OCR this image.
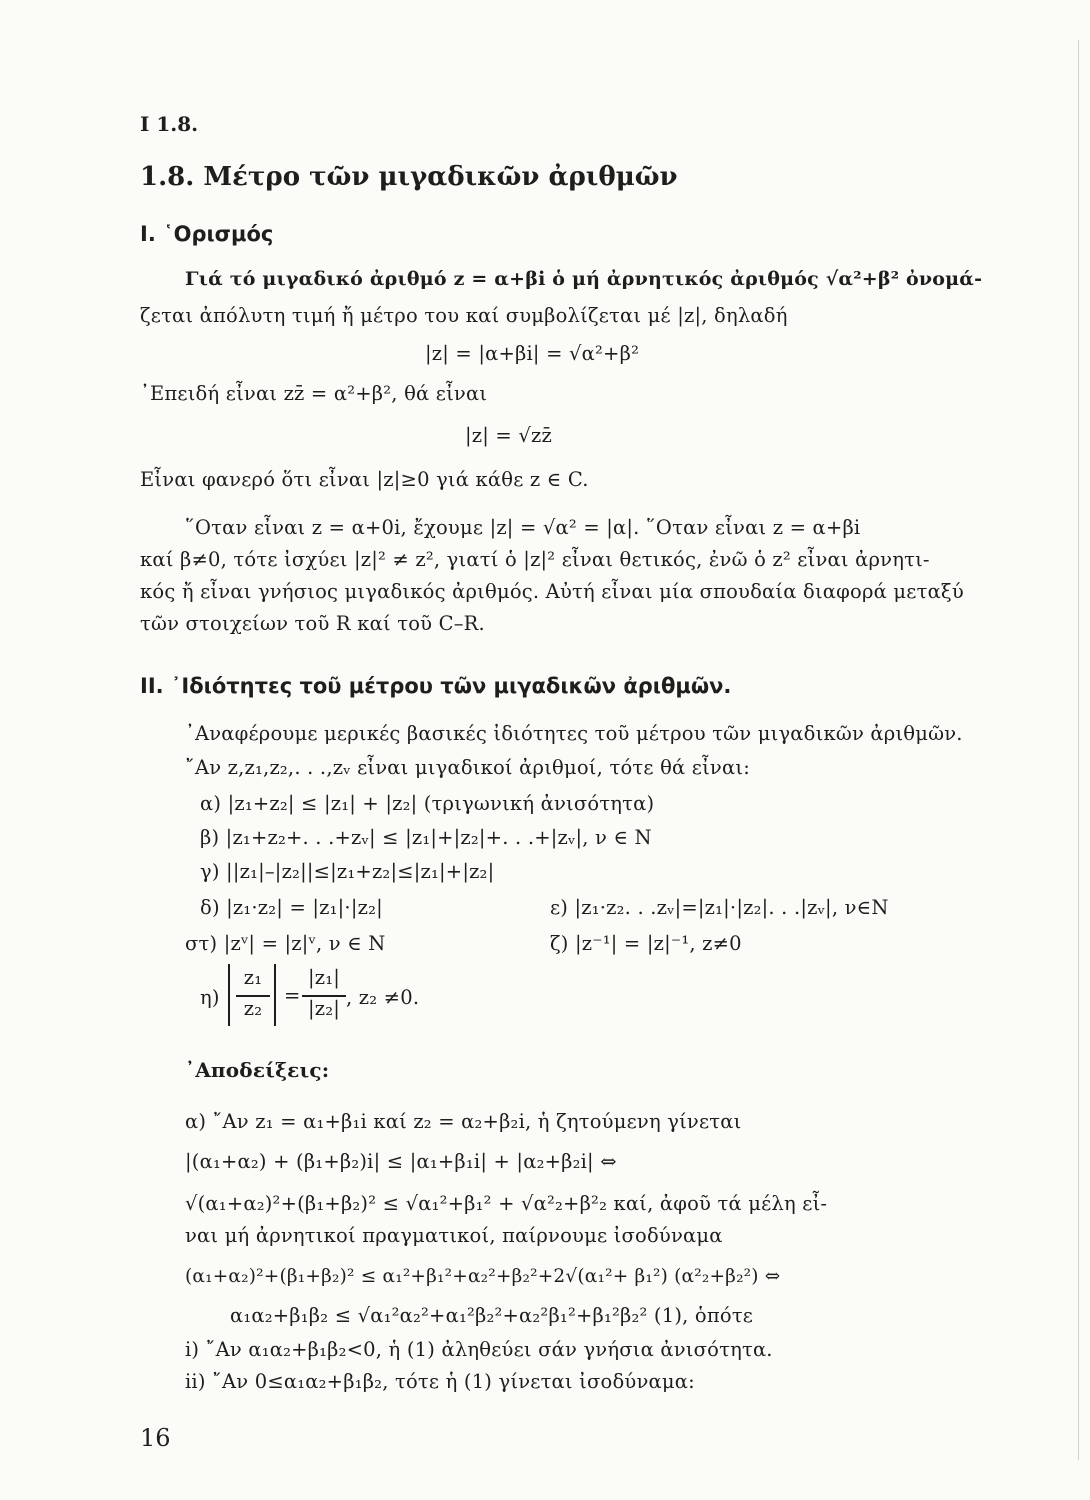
I 1.8.
1.8. Μέτρο τῶν μιγαδικῶν ἀριθμῶν
I. ῾Ορισμός
Γιά τό μιγαδικό ἀριθμό z = α+βi ὁ μή ἀρνητικός ἀριθμός √α²+β² ὀνομά-
ζεται ἀπόλυτη τιμή ἤ μέτρο του καί συμβολίζεται μέ |z|, δηλαδή
|z| = |α+βi| = √α²+β²
᾿Επειδή εἶναι zz̄ = α²+β², θά εἶναι
|z| = √zz̄
Εἶναι φανερό ὅτι εἶναι |z|≥0 γιά κάθε z ∈ C.
῞Οταν εἶναι z = α+0i, ἔχουμε |z| = √α² = |α|. ῞Οταν εἶναι z = α+βi
καί β≠0, τότε ἰσχύει |z|² ≠ z², γιατί ὁ |z|² εἶναι θετικός, ἐνῶ ὁ z² εἶναι ἀρνητι-
κός ἤ εἶναι γνήσιος μιγαδικός ἀριθμός. Αὐτή εἶναι μία σπουδαία διαφορά μεταξύ
τῶν στοιχείων τοῦ R καί τοῦ C–R.
II. ᾿Ιδιότητες τοῦ μέτρου τῶν μιγαδικῶν ἀριθμῶν.
᾿Αναφέρουμε μερικές βασικές ἰδιότητες τοῦ μέτρου τῶν μιγαδικῶν ἀριθμῶν.
῎Αν z,z₁,z₂,. . .,zᵥ εἶναι μιγαδικοί ἀριθμοί, τότε θά εἶναι:
α) |z₁+z₂| ≤ |z₁| + |z₂| (τριγωνική ἀνισότητα)
β) |z₁+z₂+. . .+zᵥ| ≤ |z₁|+|z₂|+. . .+|zᵥ|, ν ∈ N
γ) ||z₁|–|z₂||≤|z₁+z₂|≤|z₁|+|z₂|
δ) |z₁·z₂| = |z₁|·|z₂|	ε) |z₁·z₂. . .zᵥ|=|z₁|·|z₂|. . .|zᵥ|, ν∈N
στ) |zᵛ| = |z|ᵛ, ν ∈ N	ζ) |z⁻¹| = |z|⁻¹, z≠0
η)
z₁
z₂
=
|z₁|
|z₂| , z₂ ≠0.
᾿Αποδείξεις:
α) ῎Αν z₁ = α₁+β₁i καί z₂ = α₂+β₂i, ἡ ζητούμενη γίνεται
|(α₁+α₂) + (β₁+β₂)i| ≤ |α₁+β₁i| + |α₂+β₂i| ⇔
√(α₁+α₂)²+(β₁+β₂)² ≤ √α₁²+β₁² + √α²₂+β²₂ καί, ἀφοῦ τά μέλη εἶ-
ναι μή ἀρνητικοί πραγματικοί, παίρνουμε ἰσοδύναμα
(α₁+α₂)²+(β₁+β₂)² ≤ α₁²+β₁²+α₂²+β₂²+2√(α₁²+ β₁²) (α²₂+β₂²) ⇔
α₁α₂+β₁β₂ ≤ √α₁²α₂²+α₁²β₂²+α₂²β₁²+β₁²β₂² (1), ὁπότε
i) ῎Αν α₁α₂+β₁β₂<0, ἡ (1) ἀληθεύει σάν γνήσια ἀνισότητα.
ii) ῎Αν 0≤α₁α₂+β₁β₂, τότε ἡ (1) γίνεται ἰσοδύναμα:
16
